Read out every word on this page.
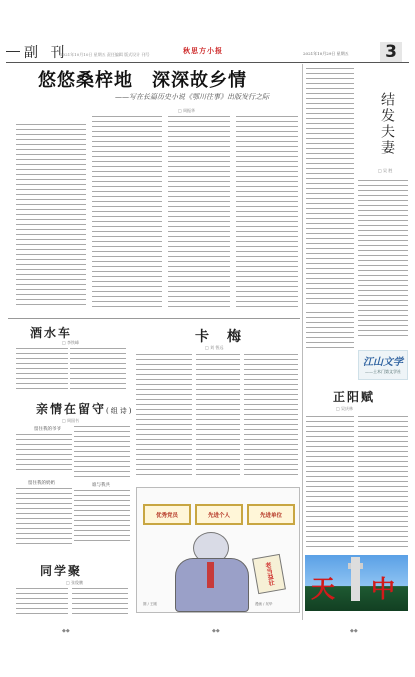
副 刊
2021年10月10日 星期五 责任编辑 版式设计 刊号	秋思方小报	2021年10月29日 星期五 3
悠悠桑梓地　深深故乡情
——写在长篇历史小说《鄂川往事》出版发行之际
□ 周振华	结发夫妻
□ 吴 胜
江山文学
——土木门第文学社
正阳赋
□ 吴庆林
酒水车
□ 李铁峰	卡　梅
□ 刘 智远
亲情在留守(组诗)
□ 周国书
留住我的爷爷
留住我的奶奶	谁与我共
同学聚
□ 张俊鹏
优秀党员	先进个人	先进单位
老当益壮
图 / 王刚	漫画 / 吴华
天 中
◆◆	◆◆	◆◆
